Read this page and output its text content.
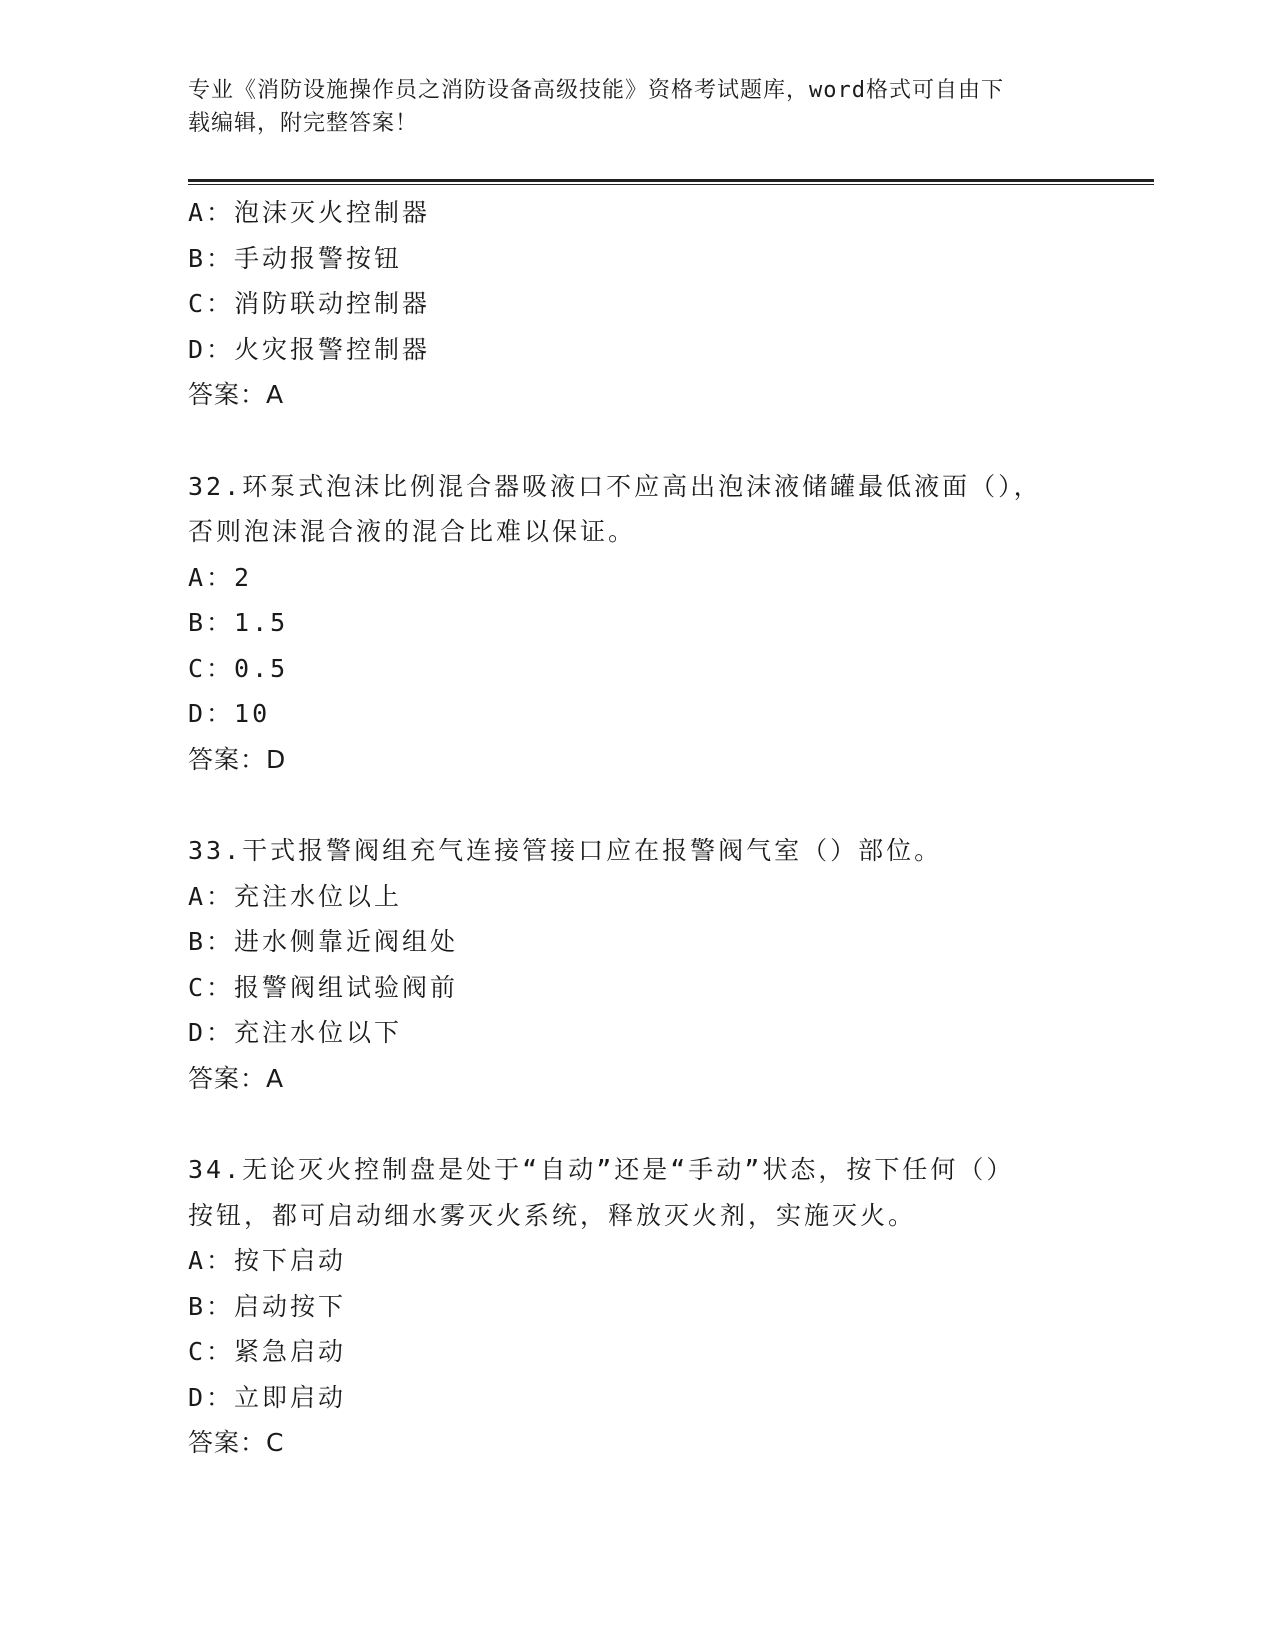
专业《消防设施操作员之消防设备高级技能》资格考试题库，word格式可自由下
载编辑，附完整答案！
A：泡沫灭火控制器
B：手动报警按钮
C：消防联动控制器
D：火灾报警控制器
答案：A
32.环泵式泡沫比例混合器吸液口不应高出泡沫液储罐最低液面（），
否则泡沫混合液的混合比难以保证。
A：2
B：1.5
C：0.5
D：10
答案：D
33.干式报警阀组充气连接管接口应在报警阀气室（）部位。
A：充注水位以上
B：进水侧靠近阀组处
C：报警阀组试验阀前
D：充注水位以下
答案：A
34.无论灭火控制盘是处于“自动”还是“手动”状态，按下任何（）
按钮，都可启动细水雾灭火系统，释放灭火剂，实施灭火。
A：按下启动
B：启动按下
C：紧急启动
D：立即启动
答案：C
